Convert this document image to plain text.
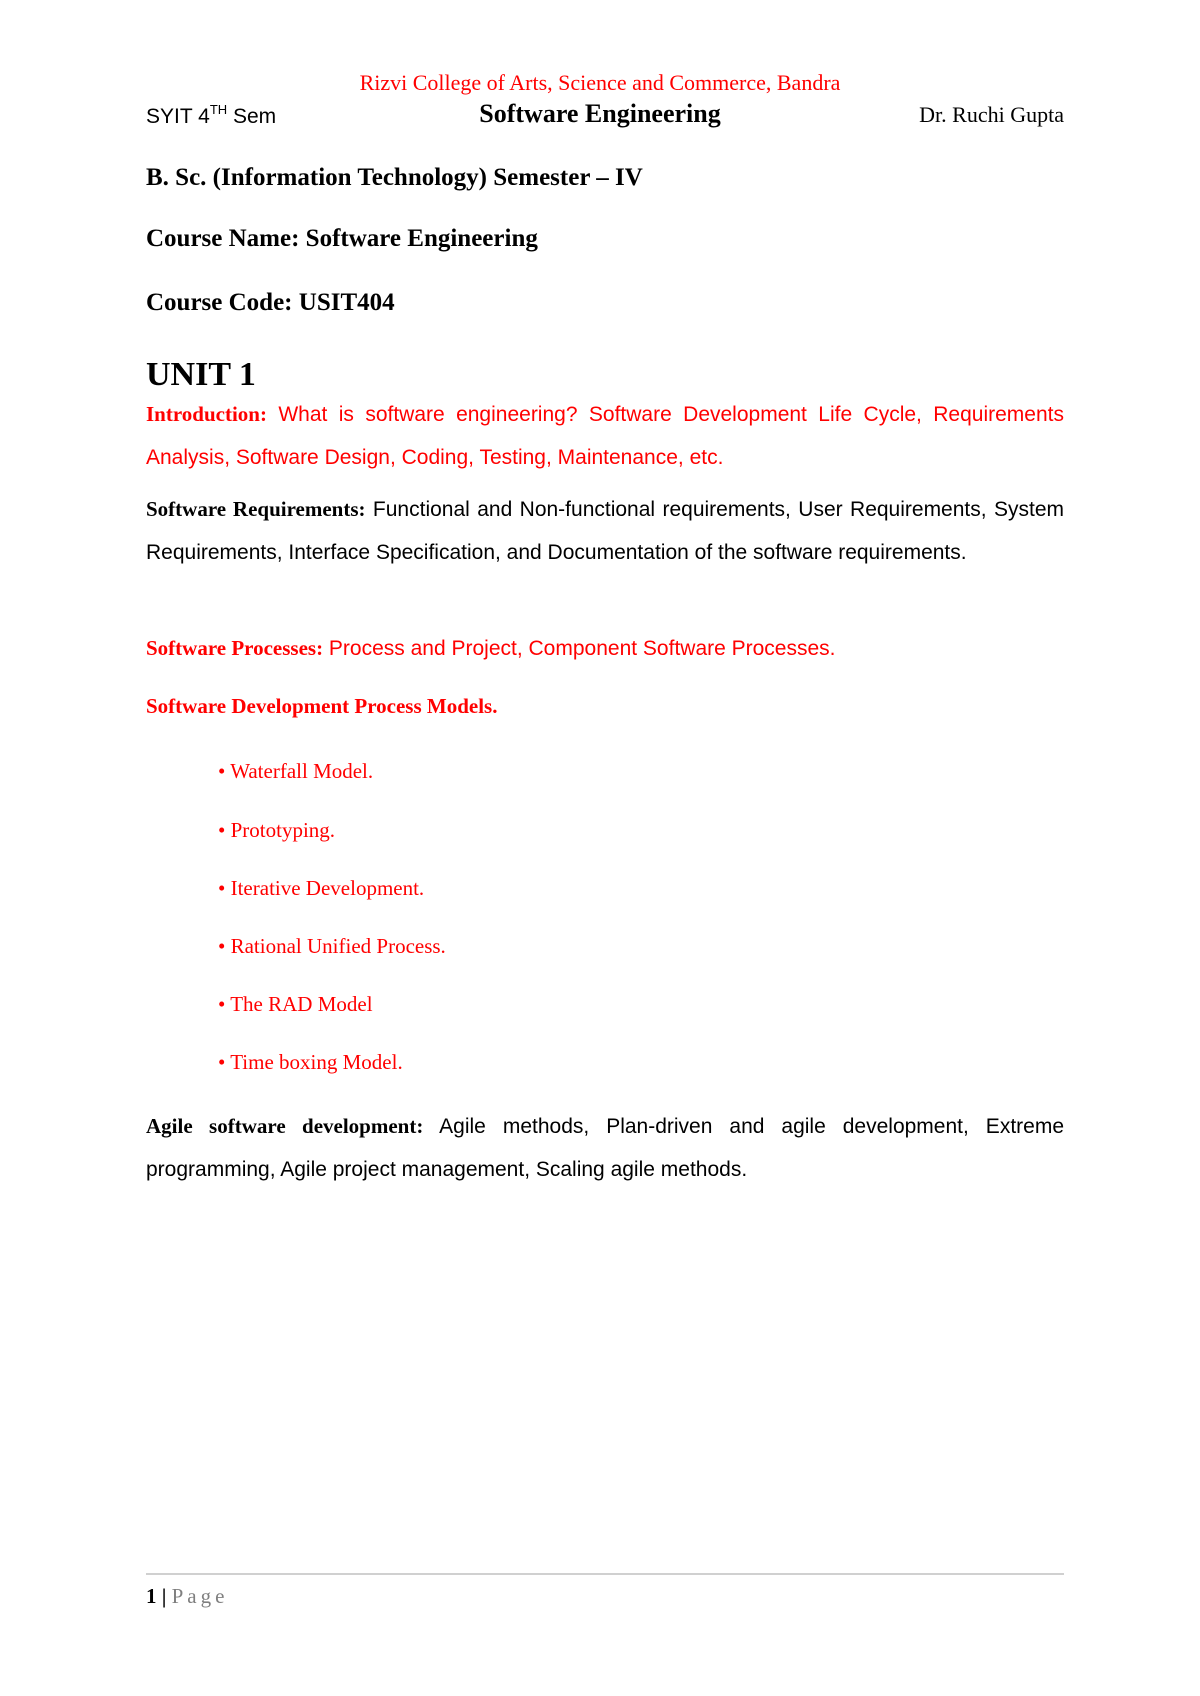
Rizvi College of Arts, Science and Commerce, Bandra
SYIT 4TH Sem	Software Engineering	Dr. Ruchi Gupta
B. Sc. (Information Technology) Semester – IV
Course Name: Software Engineering
Course Code: USIT404
UNIT 1
Introduction: What is software engineering? Software Development Life Cycle, Requirements Analysis, Software Design, Coding, Testing, Maintenance, etc.
Software Requirements: Functional and Non-functional requirements, User Requirements, System Requirements, Interface Specification, and Documentation of the software requirements.
Software Processes: Process and Project, Component Software Processes.
Software Development Process Models.
• Waterfall Model.
• Prototyping.
• Iterative Development.
• Rational Unified Process.
• The RAD Model
• Time boxing Model.
Agile software development: Agile methods, Plan-driven and agile development, Extreme programming, Agile project management, Scaling agile methods.
1 | Page
